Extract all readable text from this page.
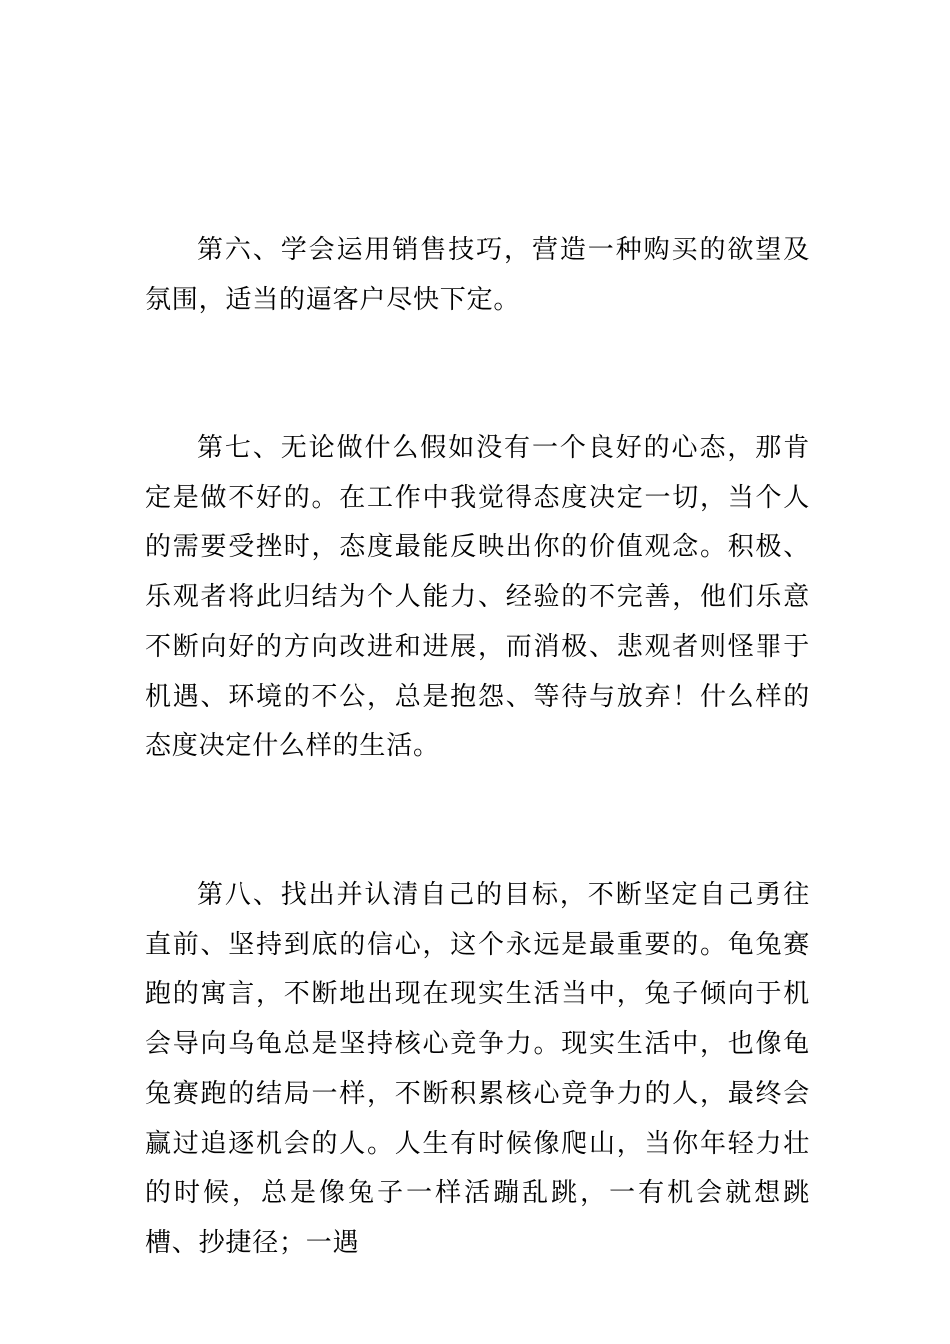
第六、学会运用销售技巧，营造一种购买的欲望及氛围，适当的逼客户尽快下定。

第七、无论做什么假如没有一个良好的心态，那肯定是做不好的。在工作中我觉得态度决定一切，当个人的需要受挫时，态度最能反映出你的价值观念。积极、乐观者将此归结为个人能力、经验的不完善，他们乐意不断向好的方向改进和进展，而消极、悲观者则怪罪于机遇、环境的不公，总是抱怨、等待与放弃！什么样的态度决定什么样的生活。

第八、找出并认清自己的目标，不断坚定自己勇往直前、坚持到底的信心，这个永远是最重要的。龟兔赛跑的寓言，不断地出现在现实生活当中，兔子倾向于机会导向乌龟总是坚持核心竞争力。现实生活中，也像龟兔赛跑的结局一样，不断积累核心竞争力的人，最终会赢过追逐机会的人。人生有时候像爬山，当你年轻力壮的时候，总是像兔子一样活蹦乱跳，一有机会就想跳槽、抄捷径；一遇
